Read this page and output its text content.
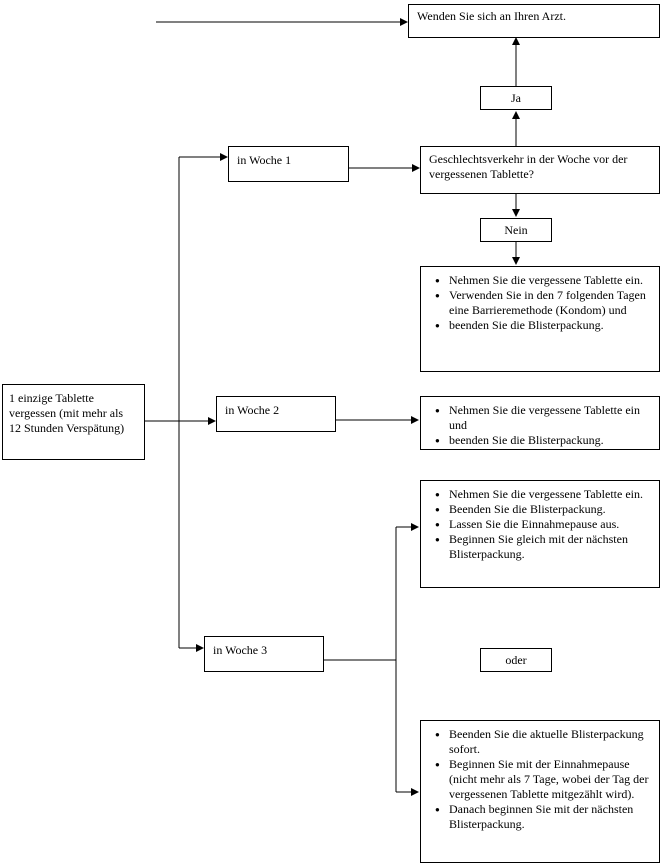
Wenden Sie sich an Ihren Arzt.
Ja
Geschlechtsverkehr in der Woche vor der vergessenen Tablette?
Nein
in Woche 1
● Nehmen Sie die vergessene Tablette ein.
● Verwenden Sie in den 7 folgenden Tagen eine Barrieremethode (Kondom) und
● beenden Sie die Blisterpackung.
1 einzige Tablette vergessen (mit mehr als 12 Stunden Verspätung)
in Woche 2
●	Nehmen Sie die vergessene Tablette ein und
● beenden Sie die Blisterpackung.
● Nehmen Sie die vergessene Tablette ein.
● Beenden Sie die Blisterpackung.
● Lassen Sie die Einnahmepause aus.
● Beginnen Sie gleich mit der nächsten Blisterpackung.
in Woche 3
oder
● Beenden Sie die aktuelle Blisterpackung sofort.
● Beginnen Sie mit der Einnahmepause (nicht mehr als 7 Tage, wobei der Tag der vergessenen Tablette mitgezählt wird).
● Danach beginnen Sie mit der nächsten Blisterpackung.
